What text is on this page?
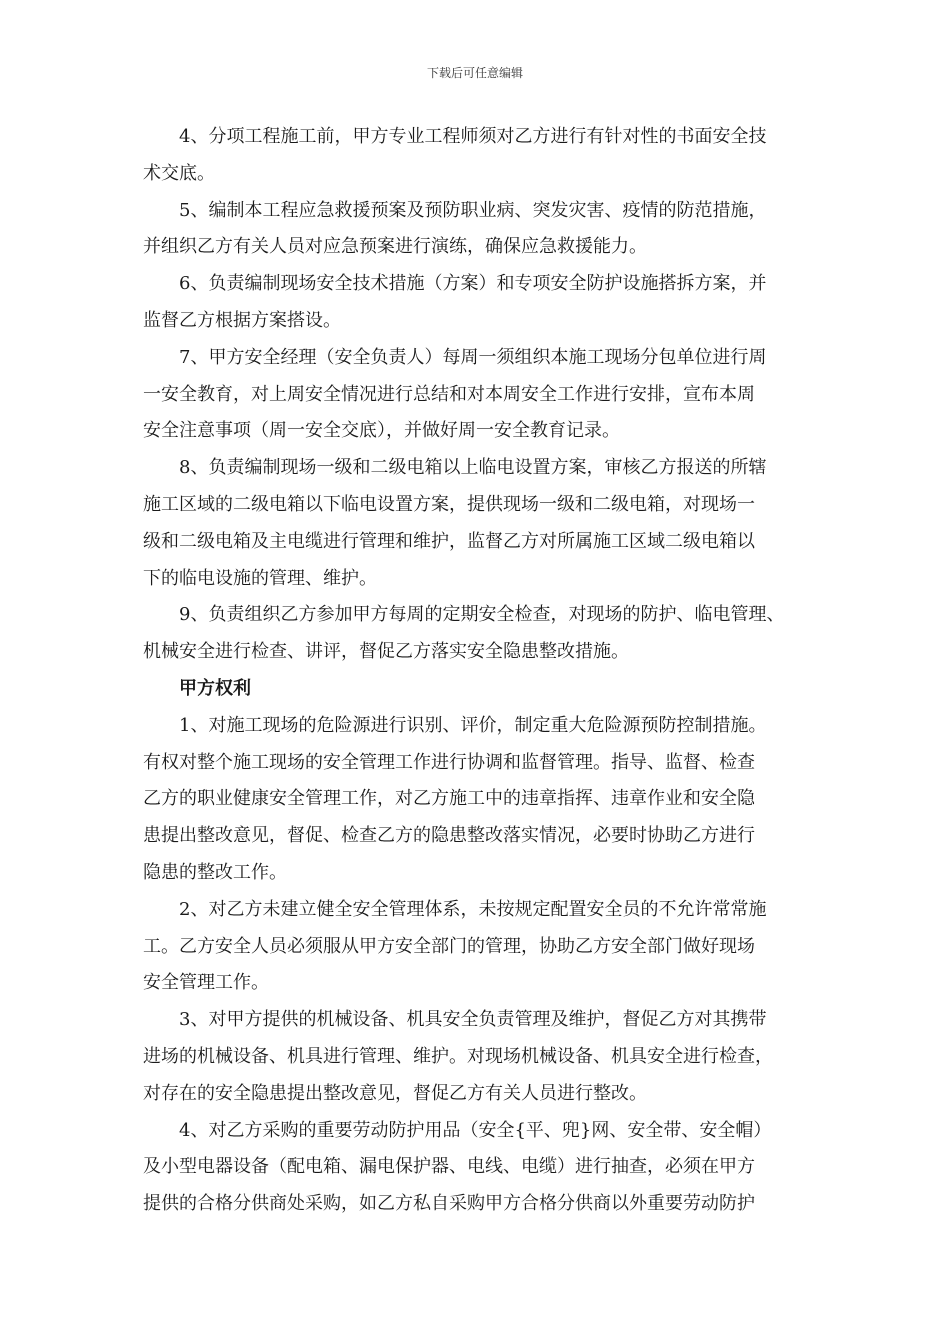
下载后可任意编辑
4、分项工程施工前，甲方专业工程师须对乙方进行有针对性的书面安全技
术交底。
5、编制本工程应急救援预案及预防职业病、突发灾害、疫情的防范措施，
并组织乙方有关人员对应急预案进行演练，确保应急救援能力。
6、负责编制现场安全技术措施（方案）和专项安全防护设施搭拆方案，并
监督乙方根据方案搭设。
7、甲方安全经理（安全负责人）每周一须组织本施工现场分包单位进行周
一安全教育，对上周安全情况进行总结和对本周安全工作进行安排，宣布本周
安全注意事项（周一安全交底），并做好周一安全教育记录。
8、负责编制现场一级和二级电箱以上临电设置方案，审核乙方报送的所辖
施工区域的二级电箱以下临电设置方案，提供现场一级和二级电箱，对现场一
级和二级电箱及主电缆进行管理和维护，监督乙方对所属施工区域二级电箱以
下的临电设施的管理、维护。
9、负责组织乙方参加甲方每周的定期安全检查，对现场的防护、临电管理、
机械安全进行检查、讲评，督促乙方落实安全隐患整改措施。
甲方权利
1、对施工现场的危险源进行识别、评价，制定重大危险源预防控制措施。
有权对整个施工现场的安全管理工作进行协调和监督管理。指导、监督、检查
乙方的职业健康安全管理工作，对乙方施工中的违章指挥、违章作业和安全隐
患提出整改意见，督促、检查乙方的隐患整改落实情况，必要时协助乙方进行
隐患的整改工作。
2、对乙方未建立健全安全管理体系，未按规定配置安全员的不允许常常施
工。乙方安全人员必须服从甲方安全部门的管理，协助乙方安全部门做好现场
安全管理工作。
3、对甲方提供的机械设备、机具安全负责管理及维护，督促乙方对其携带
进场的机械设备、机具进行管理、维护。对现场机械设备、机具安全进行检查，
对存在的安全隐患提出整改意见，督促乙方有关人员进行整改。
4、对乙方采购的重要劳动防护用品（安全{平、兜}网、安全带、安全帽）
及小型电器设备（配电箱、漏电保护器、电线、电缆）进行抽查，必须在甲方
提供的合格分供商处采购，如乙方私自采购甲方合格分供商以外重要劳动防护
